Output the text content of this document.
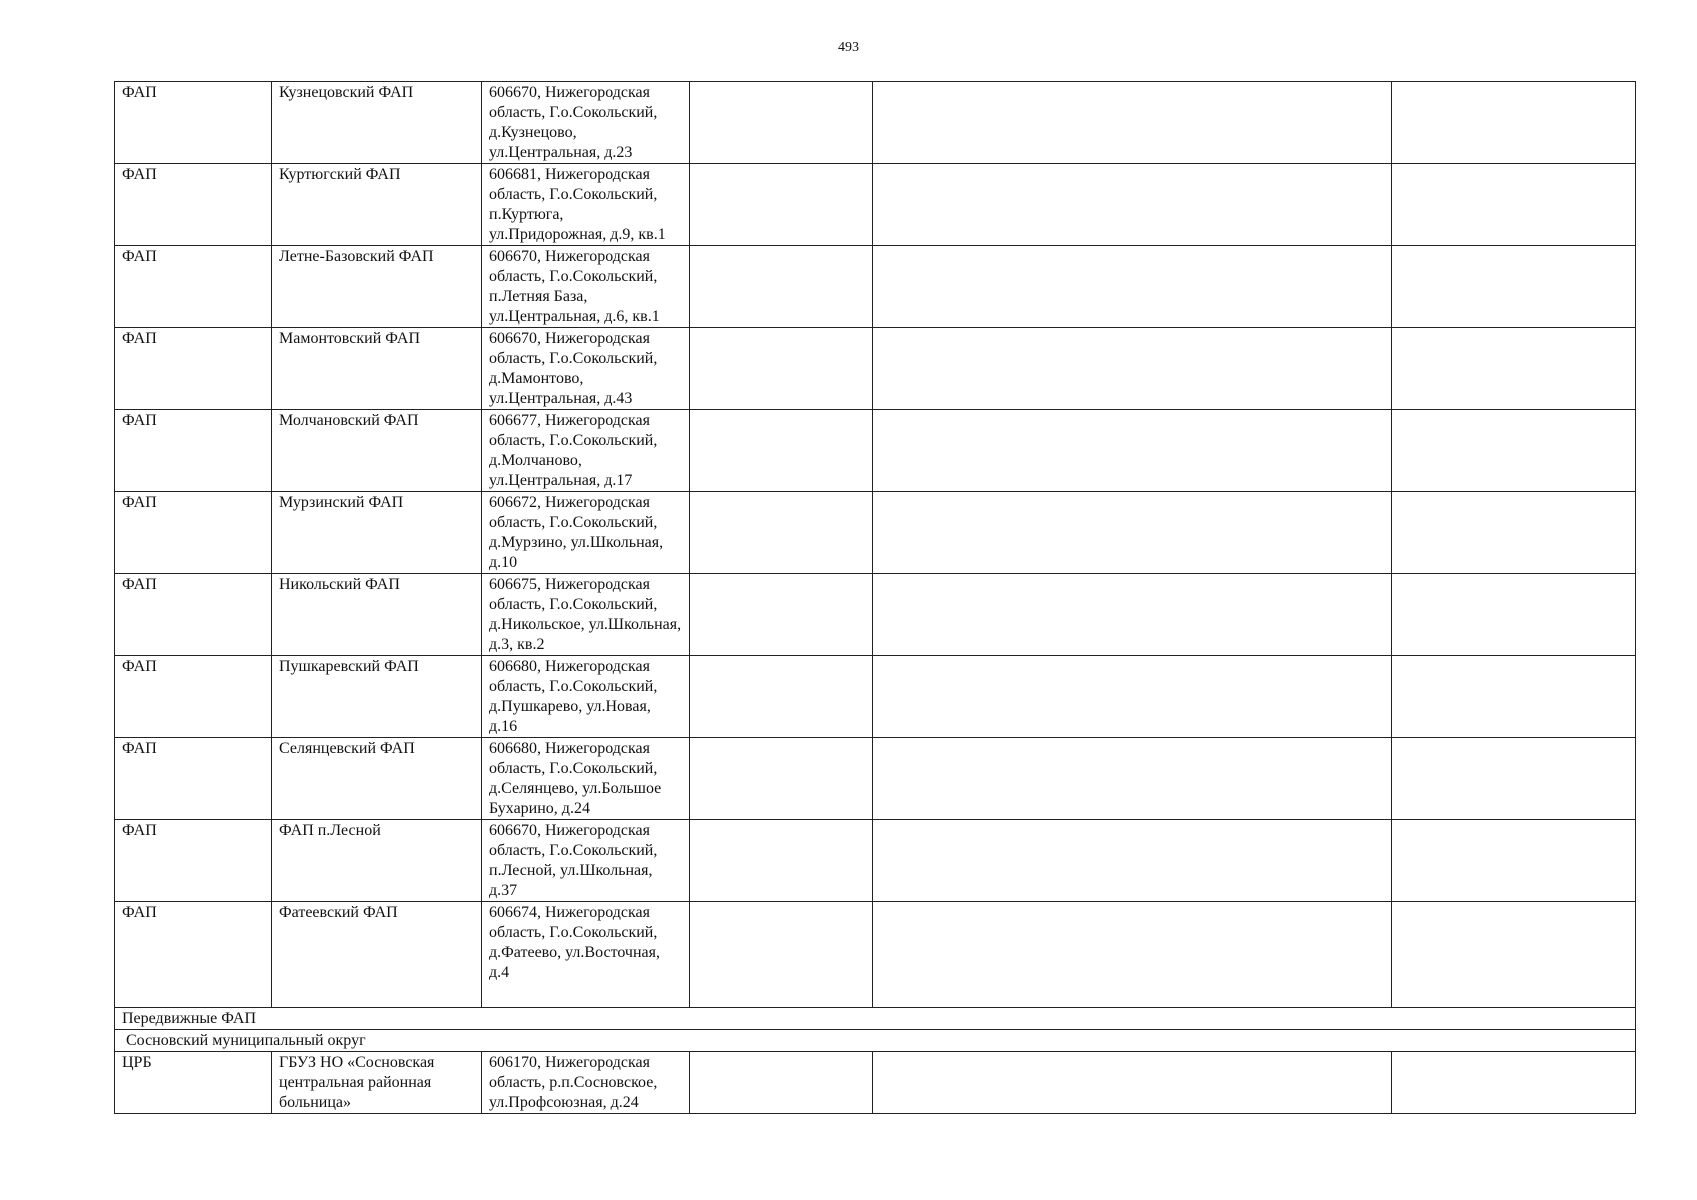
493
ФАП	Кузнецовский ФАП	606670, Нижегородская область, Г.о.Сокольский, д.Кузнецово, ул.Центральная, д.23			
ФАП	Куртюгский ФАП	606681, Нижегородская область, Г.о.Сокольский, п.Куртюга, ул.Придорожная, д.9, кв.1			
ФАП	Летне-Базовский ФАП	606670, Нижегородская область, Г.о.Сокольский, п.Летняя База, ул.Центральная, д.6, кв.1			
ФАП	Мамонтовский ФАП	606670, Нижегородская область, Г.о.Сокольский, д.Мамонтово, ул.Центральная, д.43			
ФАП	Молчановский ФАП	606677, Нижегородская область, Г.о.Сокольский, д.Молчаново, ул.Центральная, д.17			
ФАП	Мурзинский ФАП	606672, Нижегородская область, Г.о.Сокольский, д.Мурзино, ул.Школьная, д.10			
ФАП	Никольский ФАП	606675, Нижегородская область, Г.о.Сокольский, д.Никольское, ул.Школьная, д.3, кв.2			
ФАП	Пушкаревский ФАП	606680, Нижегородская область, Г.о.Сокольский, д.Пушкарево, ул.Новая, д.16			
ФАП	Селянцевский ФАП	606680, Нижегородская область, Г.о.Сокольский, д.Селянцево, ул.Большое Бухарино, д.24			
ФАП	ФАП п.Лесной	606670, Нижегородская область, Г.о.Сокольский, п.Лесной, ул.Школьная, д.37			
ФАП	Фатеевский ФАП	606674, Нижегородская область, Г.о.Сокольский, д.Фатеево, ул.Восточная, д.4			
Передвижные ФАП					
Сосновский муниципальный округ					
ЦРБ	ГБУЗ НО «Сосновская центральная районная больница»	606170, Нижегородская область, р.п.Сосновское, ул.Профсоюзная, д.24			
